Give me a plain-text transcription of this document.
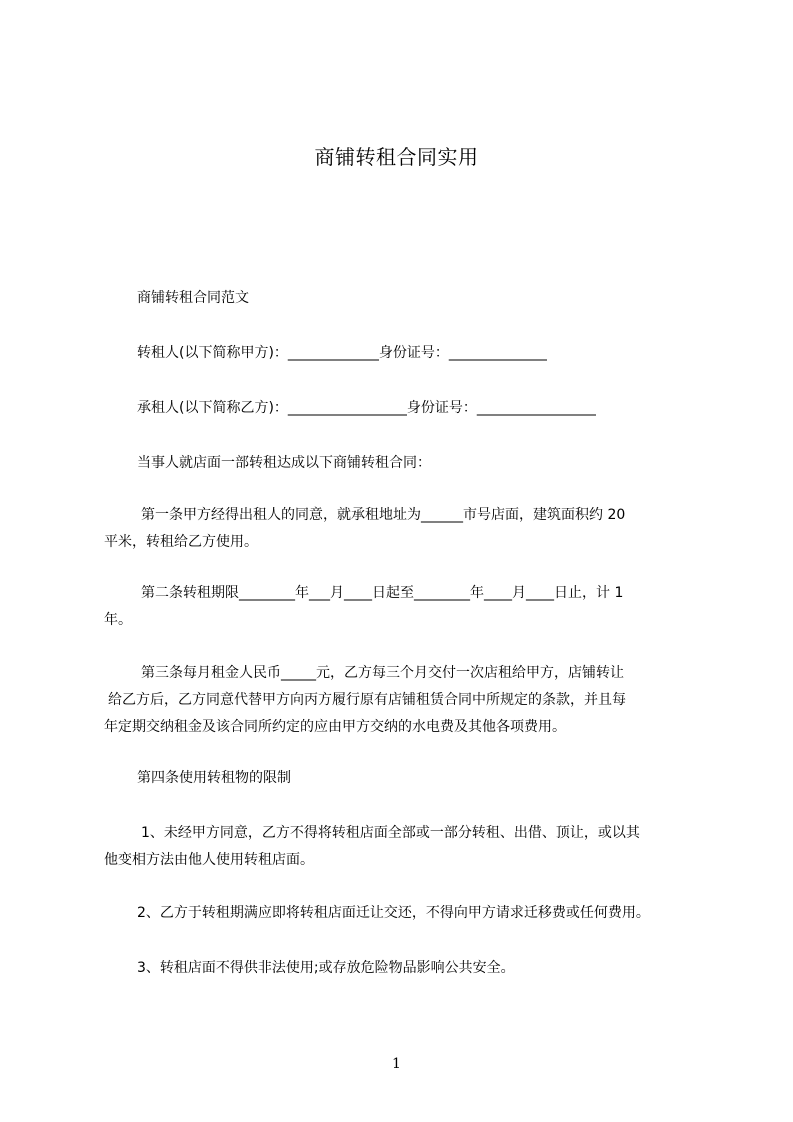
商铺转租合同实用

商铺转租合同范文

转租人(以下简称甲方)：_____________身份证号：______________

承租人(以下简称乙方)：_________________身份证号：_________________

当事人就店面一部转租达成以下商铺转租合同：

第一条甲方经得出租人的同意，就承租地址为______市号店面，建筑面积约 20
平米，转租给乙方使用。

第二条转租期限________年___月____日起至________年____月____日止，计 1
年。

第三条每月租金人民币_____元，乙方每三个月交付一次店租给甲方，店铺转让
给乙方后，乙方同意代替甲方向丙方履行原有店铺租赁合同中所规定的条款，并且每
年定期交纳租金及该合同所约定的应由甲方交纳的水电费及其他各项费用。

第四条使用转租物的限制

1、未经甲方同意，乙方不得将转租店面全部或一部分转租、出借、顶让，或以其
他变相方法由他人使用转租店面。

2、乙方于转租期满应即将转租店面迁让交还，不得向甲方请求迁移费或任何费用。

3、转租店面不得供非法使用;或存放危险物品影响公共安全。

1
